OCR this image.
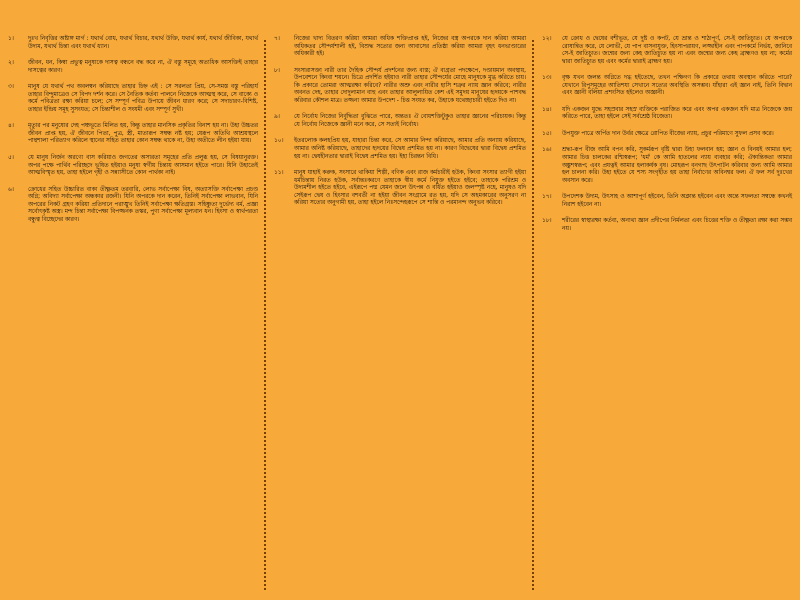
১।	দুঃখ নিবৃত্তির অষ্টাঙ্গ মার্গ : যথার্থ বোধ, যথার্থ বিচার, যথার্থ উক্তি, যথার্থ কার্য, যথার্থ জীবিকা, যথার্থ উদ্যম, যথার্থ চিন্তা এবং যথার্থ ধ্যান।
২।	জীবন, ধন, কিম্বা প্রভুত্ব মনুষ্যকে দাসত্ব বন্ধনে বদ্ধ করে না, ঐ বস্তু সমূহে অত্যধিক আসক্তিই তাহার দাসত্বের কারণ।
৩।	মানুষ যে যথার্থ পথ অবলম্বন করিয়াছে তাহার চিহ্ন এই : সে সরলতা প্রিয়, সে-সমস্ত বস্তু পরিহার্য তাহার বিন্দুমাত্রেও সে বিপদ দর্শন করে। সে নৈতিক কর্তব্য পালনে নিজেকে আত্মস্থ করে, সে বাক্যে ও কর্মে পবিত্রতা রক্ষা করিয়া চলে; সে সম্পূর্ণ পবিত্র উপায়ে জীবন ধারণ করে; সে সদাচারণ-বিশিষ্ট, তাহার ইন্দ্রিয় সমূহ সুসংযত; সে চিন্তাশীল ও সংযমী এবং সম্পূর্ণ সুখী।
৪।	মৃত্যুর পর মনুষ্যের দেহ পঞ্চভূতে মিলিত হয়, কিন্তু তাহার মানসিক প্রকৃতির বিনাশ হয় না। উহা উচ্চতর জীবন প্রাপ্ত হয়, ঐ জীবনে পিতা, পুত্র, স্ত্রী, মাতারূপ সম্বন্ধ নষ্ট হয়; যেরূপ অতিথি আশ্রয়স্থলে পান্থশালা পরিত্যাগ করিলে স্থানের সহিত তাহার কোন সম্বন্ধ থাকে না, উহা অতীতে লীন হইয়া যায়।
৫।	যে মানুষ নির্জন অরণ্যে বাস করিয়াও জগতের অসারতা সমূহের প্রতি প্রলুব্ধ হয়, সে বিষয়ানুরক্ত। অপর পক্ষে পার্থিব পরিচ্ছদে ভূষিত হইয়াও মনুষ্য স্বর্গীয় চিন্তায় আসমান হইতে পারে। যিনি উহাতেই আত্মবিস্মৃত হয়, তাহা হইলে গৃহী ও সন্ন্যাসীতে কোন পার্থক্য নাই।
৬।	ক্রোধের সহিত উচ্চারিত বাক্য তীক্ষ্ণতম তরবারি, লোভ সর্বাপেক্ষা বিষ, অত্যাসক্তি সর্বাপেক্ষা প্রচণ্ড অগ্নি; অবিদ্যা সর্বাপেক্ষা অন্ধকার রজনী। যিনি অপরকে দান করেন, তিনিই সর্বাপেক্ষা লাভবান, যিনি অপরের নিকট গ্রহণ করিয়া প্রতিদানে পরাঙ্মুখ তিনিই সর্বাপেক্ষা ক্ষতিগ্রস্ত। সহিষ্ণুতা দুর্ভেদ্য বর্ম, প্রজ্ঞা সর্বোৎকৃষ্ট অস্ত্র। মন্দ চিন্তা সর্বাপেক্ষা বিপজ্জনক তস্কর, পুণ্য সর্বাপেক্ষা মূল্যবান ধন। হিংসা ও স্বার্থপরতা বন্ধুত্ব বিচ্ছেদের কারণ।
৭।	নিজের খাদ্য বিতরণ করিয়া আমরা অধিক শক্তিপ্রাপ্ত হই, নিজের বস্ত্র অপরকে দান করিয়া আমরা অধিকতর সৌন্দর্যশালী হই, বিশুদ্ধ সত্যের জন্য আবাসের প্রতিষ্ঠা করিয়া আমরা বৃহৎ ধনভাণ্ডারের অধিকারী হই।
৮।	সংসারাসক্তা নারী তার দৈহিক সৌন্দর্য প্রদর্শনের জন্য ব্যস্ত; ঐ ব্যগ্রতা পদক্ষেপে, দণ্ডায়মান অবস্থায়, উপবেশনে কিংবা শয়নে। চিত্রে প্রদর্শিত হইয়াও নারী তাহার সৌন্দর্যের মোহে মানুষকে মুগ্ধ করিতে চায়। কি প্রকারে তোমরা আত্মরক্ষা করিবে? নারীর অশ্রু এবং নারীর হাসি শত্রুর ন্যায় জ্ঞান করিবে; নারীর অবনত দেহ, তাহার দোদুল্যমান বাহু এবং তাহার আলুলায়িত কেশ এই সমুদয় মানুষের হৃদয়কে পাশবদ্ধ করিবার কৌশল মাত্র। তজ্জন্য আমার উপদেশ - চিত্ত সংযত কর, উহাকে যথেচ্ছাচারী হইতে দিও না।
৯।	যে নির্বোধ নিজের নির্বুদ্ধিতা বুঝিতে পারে, অন্ততঃ ঐ বোধশক্তিটুকুও তাহার জ্ঞানের পরিচায়ক। কিন্তু যে নির্বোধ নিজেকে জ্ঞানী মনে করে, সে সত্যই নির্বোধ।
১০।	ইতরলোক কলহপ্রিয় হয়, যাহারা চিন্তা করে, সে আমার নিন্দা করিয়াছে, আমার প্রতি অন্যায় করিয়াছে, আমার অনিষ্ট করিয়াছে, তাহাদের হৃদয়ের বিদ্বেষ প্রশমিত হয় না। কারণ বিদ্বেষের দ্বারা বিদ্বেষ প্রশমিত হয় না। দ্বেষহীনতার দ্বারাই বিদ্বেষ প্রশমিত হয়। ইহা চিরন্তন বিধি।
১১।	মানুষ যাহাই করুক, সংসারে থাকিয়া শিল্পী, বণিক এবং রাজ কর্মচারীই হউক, কিংবা সংসার ত্যাগী হইয়া ধর্মচিন্তায় নিরত হউক, সর্বান্তঃকরণে তাহাকে স্বীয় কর্মে নিযুক্ত হইতে হইবে; তাহাকে পরিশ্রম ও উদ্যমশীল হইতে হইবে, এইরূপে পদ্ম যেমন জলে উৎপন্ন ও বর্ধিত হইয়াও জলস্পৃষ্ট নহে, মানুষও যদি সেইরূপ দ্বেষ ও হিংসার বশবর্তী না হইয়া জীবন সংগ্রামে রত হয়, যদি সে অহমকারের অনুসরণ না করিয়া সত্যের অনুগামী হয়, তাহা হইলে নিঃসন্দেহরূপে সে শান্তি ও পরমানন্দ অনুভব করিবে।
১২।	যে ক্রোধ ও দ্বেষের বশীভূত, যে দুষ্ট ও কপট, যে ভ্রান্ত ও শাঠ্যপূর্ণ, সে-ই জাতিচ্যুত। যে অপরকে রোষান্বিত করে, যে লোভী, যে পাপ বাসনাযুক্ত, হিংসাপরায়ণ, লজ্জাহীন এবং পাপকর্মে নির্ভয়, জানিবে সে-ই জাতিচ্যুত। জন্মের জন্য কেহ জাতিচ্যুত হয় না এবং জন্মের জন্য কেহ ব্রাহ্মণও হয় না; কর্মের দ্বারা জাতিচ্যুত হয় এবং কর্মের দ্বারাই ব্রাহ্মণ হয়।
১৩।	বৃক্ষ যখন জলন্ত অগ্নিতে দগ্ধ হইতেছে, তখন পক্ষিগণ কি প্রকারে তথায় অবস্থান করিতে পারে? যেখানে রিপুসমূহের আতিশয্য সেখানে সত্যের অবস্থিতি অসম্ভব। যাঁহারা এই জ্ঞান নাই, তিনি বিদ্বান এবং জ্ঞানী বলিয়া প্রশংসিত হইলেও অজ্ঞানী।
১৪।	যদি একজন যুদ্ধে সহস্রবার সহস্র ব্যক্তিকে পরাজিত করে এবং অপর একজন যদি মাত্র নিজেকে জয় করিতে পারে, তাহা হইলে সেই সর্বশ্রেষ্ঠ বিজেতা।
১৫।	উপযুক্ত পাত্রে অর্পিত দান উর্বর ক্ষেত্রে রোপিত বীজের ন্যায়, প্রচুর পরিমাণে সুফল প্রসব করে।
১৬।	শ্রদ্ধা-রূপ বীজ আমি বপন করি, সুকর্মরূপ বৃষ্টি দ্বারা উহা ফলবান হয়; জ্ঞান ও বিনয়ই আমার হল; আমার চিত্ত চালকের রশ্মিস্বরূপ; 'ধর্ম' কে আমি হাতলের ন্যায় ব্যবহার করি; ঐকান্তিকতা আমার অঙ্কুশস্বরূপ; এবং প্রযত্নই আমার হলাকর্ষক বৃষ। মোহরূপ বনগাছ উৎপাটন করিবার জন্য আমি আমার হল চালনা করি। উহা হইতে যে শস্য সংগৃহীত হয় তাহা নির্বাণের অবিনশ্বর ফল। ঐ ফল সর্ব দুঃখের অবসান করে।
১৭।	উপদেশক উদ্যম, উৎসাহ ও আশাপূর্ণ হইবেন, তিনি অক্লান্ত হইবেন এবং অন্তে সফলতা সম্বন্ধে কখনই নিরাশ হইবেন না।
১৮।	শরীরের স্বাস্থ্যরক্ষা কর্তব্য, অন্যথা জ্ঞান প্রদীপের নির্মলতা এবং চিত্তের শক্তি ও তীক্ষ্ণতা রক্ষা করা সম্ভব নয়।
